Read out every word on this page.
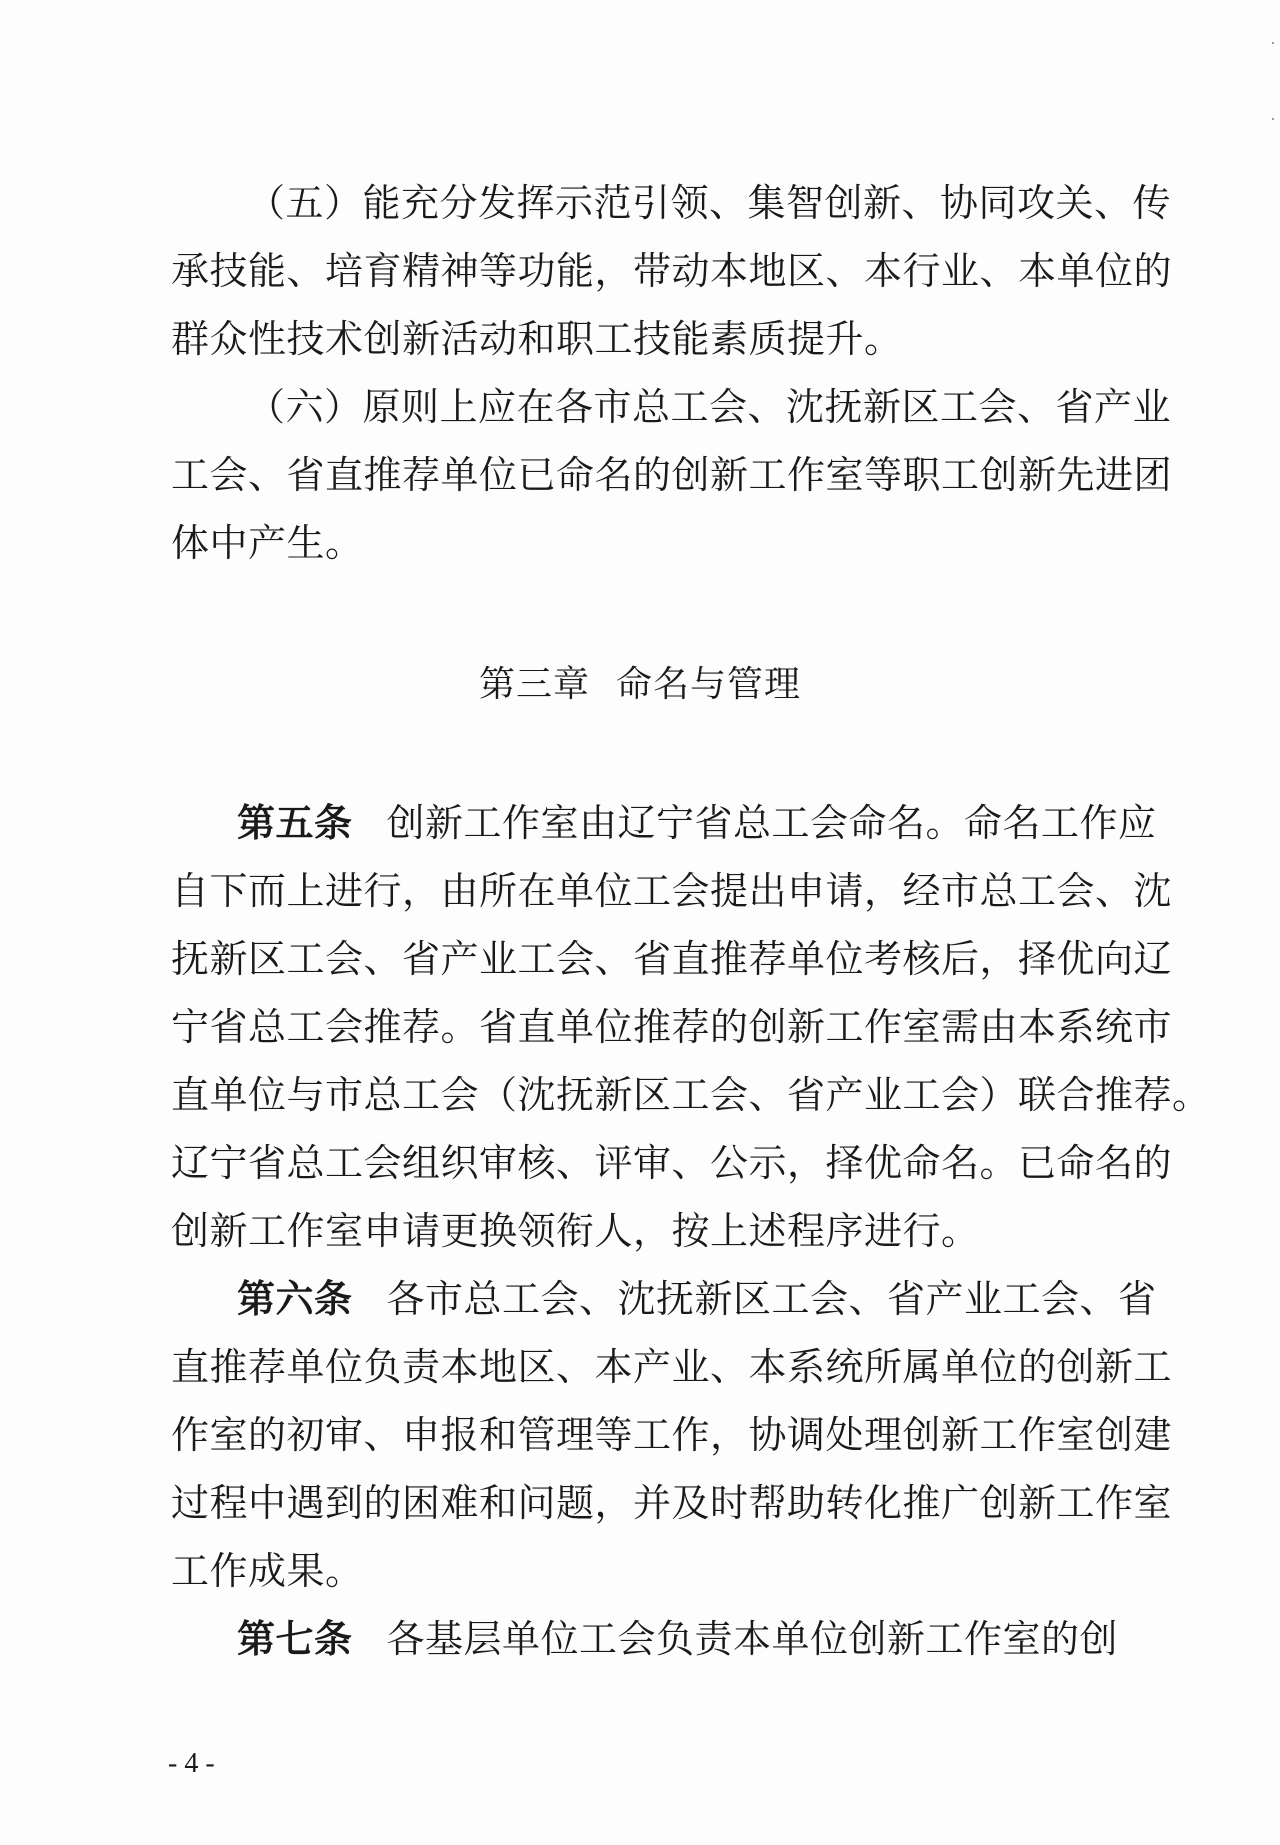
（五）能充分发挥示范引领、集智创新、协同攻关、传
承技能、培育精神等功能，带动本地区、本行业、本单位的
群众性技术创新活动和职工技能素质提升。
（六）原则上应在各市总工会、沈抚新区工会、省产业
工会、省直推荐单位已命名的创新工作室等职工创新先进团
体中产生。
第三章 命名与管理
第五条 创新工作室由辽宁省总工会命名。命名工作应
自下而上进行，由所在单位工会提出申请，经市总工会、沈
抚新区工会、省产业工会、省直推荐单位考核后，择优向辽
宁省总工会推荐。省直单位推荐的创新工作室需由本系统市
直单位与市总工会（沈抚新区工会、省产业工会）联合推荐。
辽宁省总工会组织审核、评审、公示，择优命名。已命名的
创新工作室申请更换领衔人，按上述程序进行。
第六条 各市总工会、沈抚新区工会、省产业工会、省
直推荐单位负责本地区、本产业、本系统所属单位的创新工
作室的初审、申报和管理等工作，协调处理创新工作室创建
过程中遇到的困难和问题，并及时帮助转化推广创新工作室
工作成果。
第七条 各基层单位工会负责本单位创新工作室的创
- 4 -
